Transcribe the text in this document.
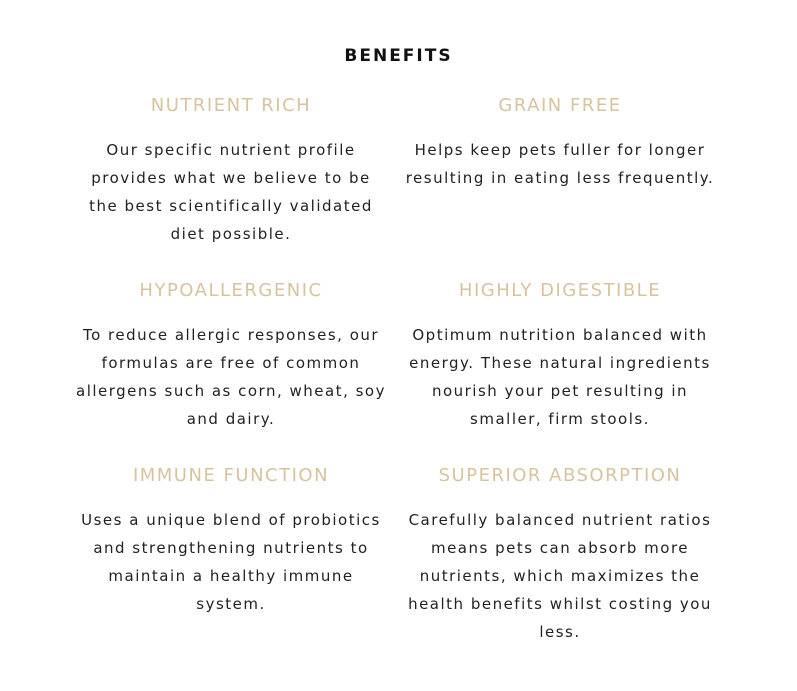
BENEFITS
NUTRIENT RICH

Our specific nutrient profile provides what we believe to be the best scientifically validated diet possible.

GRAIN FREE

Helps keep pets fuller for longer resulting in eating less frequently.

HYPOALLERGENIC

To reduce allergic responses, our formulas are free of common allergens such as corn, wheat, soy and dairy.

HIGHLY DIGESTIBLE

Optimum nutrition balanced with energy. These natural ingredients nourish your pet resulting in smaller, firm stools.

IMMUNE FUNCTION

Uses a unique blend of probiotics and strengthening nutrients to maintain a healthy immune system.

SUPERIOR ABSORPTION

Carefully balanced nutrient ratios means pets can absorb more nutrients, which maximizes the health benefits whilst costing you less.
